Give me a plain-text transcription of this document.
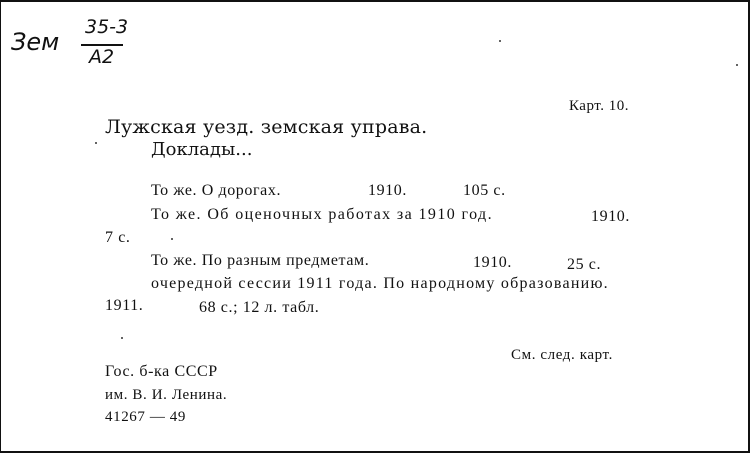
Зем
35-3
A2
Карт. 10.
Лужская уезд. земская управа.
Доклады...
То же. О дорогах.	1910.	105 с.
То же. Об оценочных работах за 1910 год.	1910.
7 с.
То же. По разным предметам.	1910.	25 с.
очередной сессии 1911 года. По народному образованию.
1911.	68 с.; 12 л. табл.
См. след. карт.
Гос. б-ка СССР
им. В. И. Ленина.
41267 — 49
